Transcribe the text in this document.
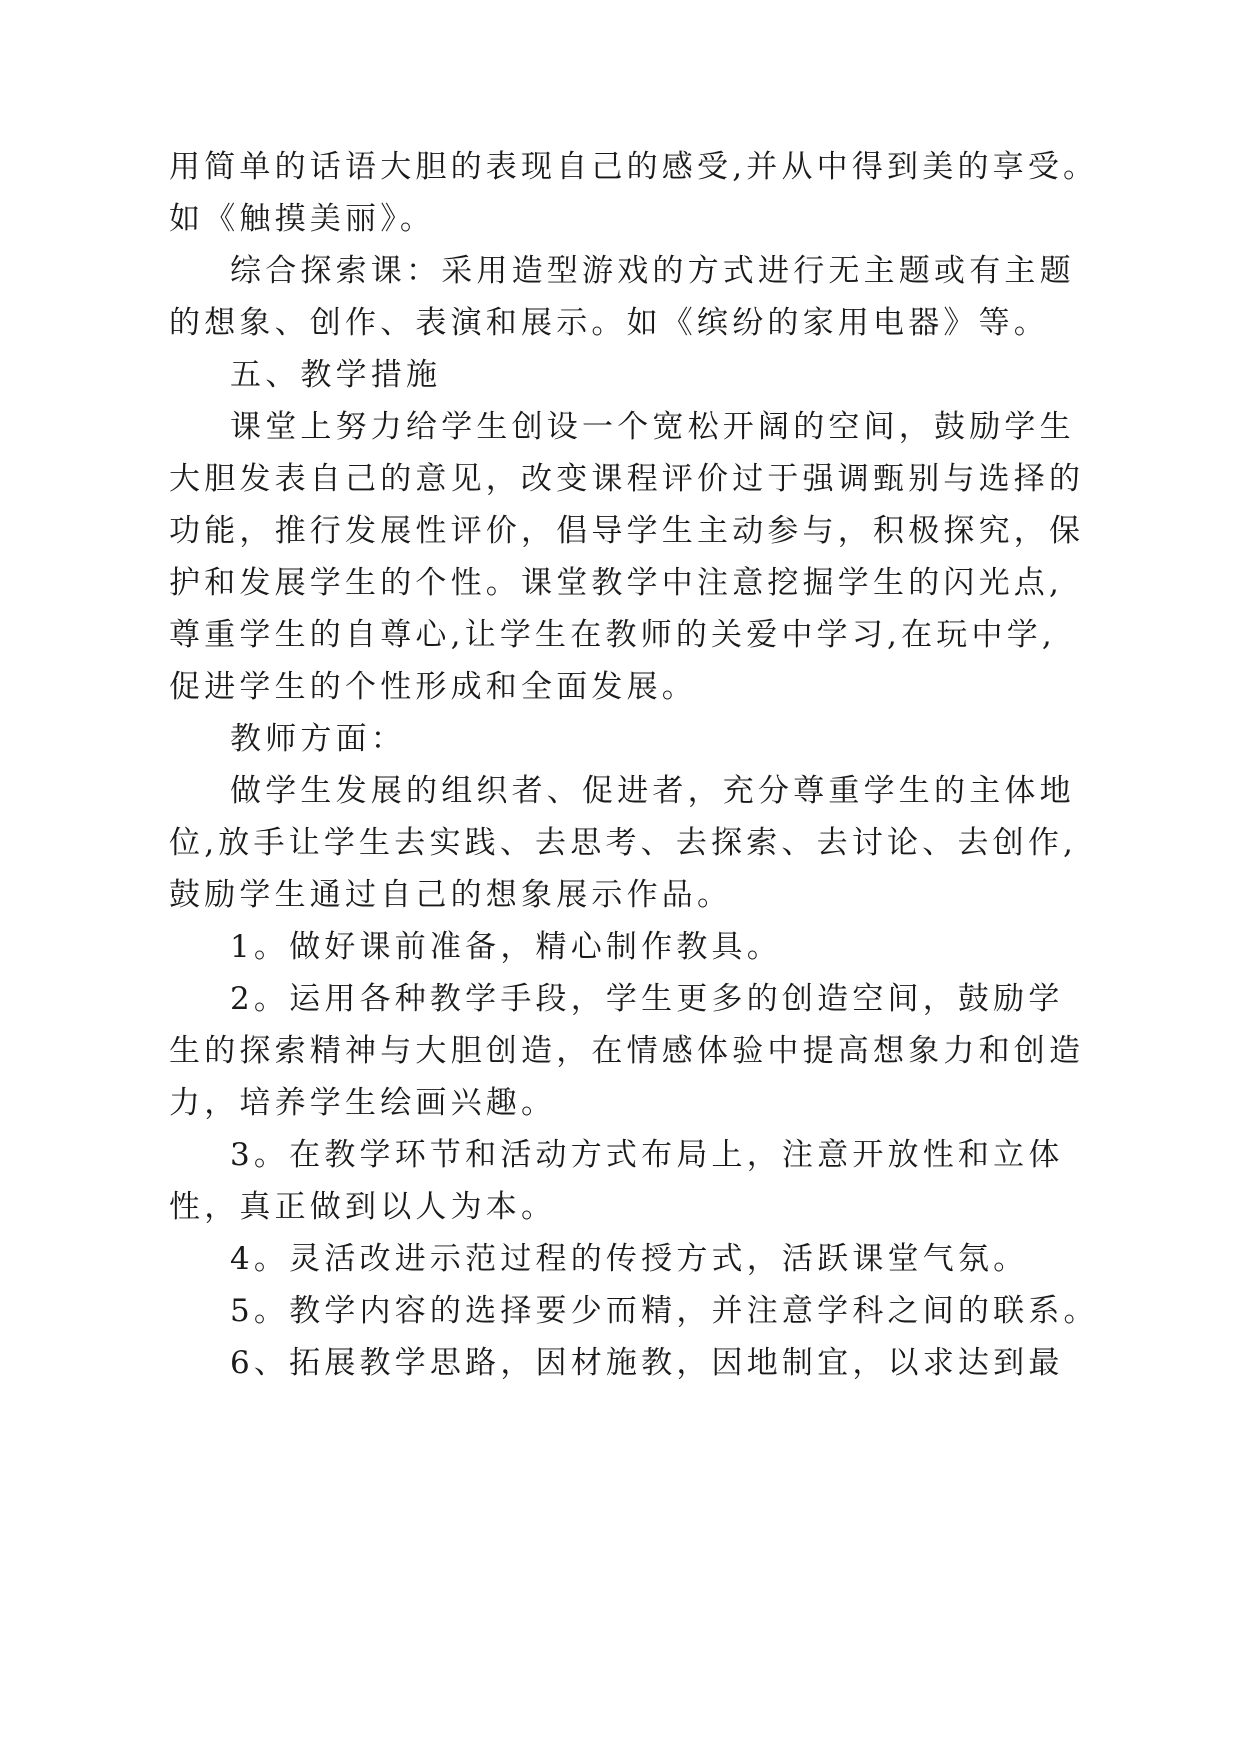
用简单的话语大胆的表现自己的感受,并从中得到美的享受。
如《触摸美丽》。
综合探索课：采用造型游戏的方式进行无主题或有主题
的想象、创作、表演和展示。如《缤纷的家用电器》等。
五、教学措施
课堂上努力给学生创设一个宽松开阔的空间，鼓励学生
大胆发表自己的意见，改变课程评价过于强调甄别与选择的
功能，推行发展性评价，倡导学生主动参与，积极探究，保
护和发展学生的个性。课堂教学中注意挖掘学生的闪光点,
尊重学生的自尊心,让学生在教师的关爱中学习,在玩中学,
促进学生的个性形成和全面发展。
教师方面：
做学生发展的组织者、促进者，充分尊重学生的主体地
位,放手让学生去实践、去思考、去探索、去讨论、去创作,
鼓励学生通过自己的想象展示作品。
1。做好课前准备，精心制作教具。
2。运用各种教学手段，学生更多的创造空间，鼓励学
生的探索精神与大胆创造，在情感体验中提高想象力和创造
力，培养学生绘画兴趣。
3。在教学环节和活动方式布局上，注意开放性和立体
性，真正做到以人为本。
4。灵活改进示范过程的传授方式，活跃课堂气氛。
5。教学内容的选择要少而精，并注意学科之间的联系。
6、拓展教学思路，因材施教，因地制宜，以求达到最
